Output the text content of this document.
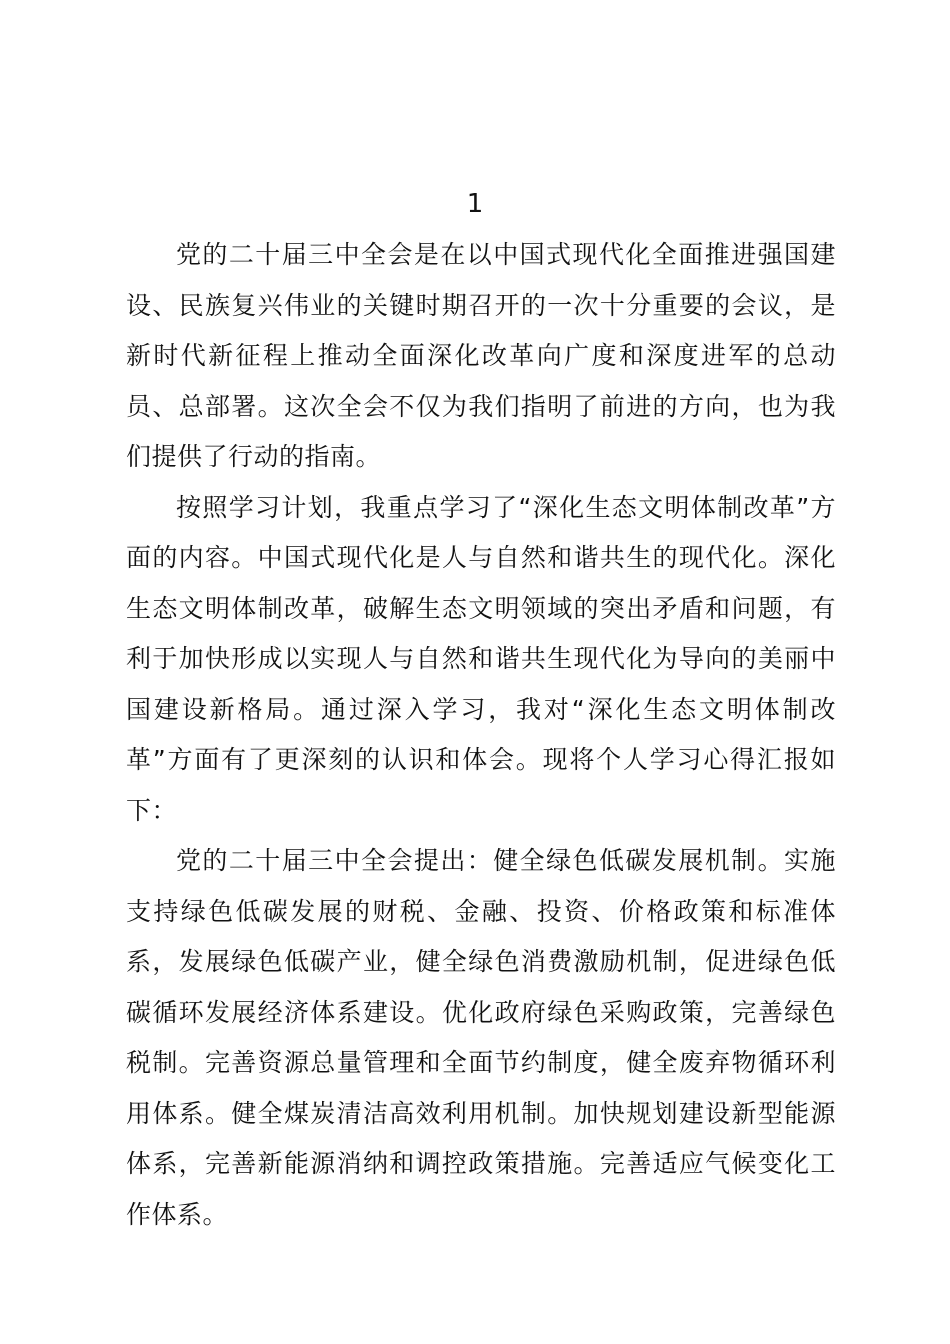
1

党的二十届三中全会是在以中国式现代化全面推进强国建设、民族复兴伟业的关键时期召开的一次十分重要的会议，是新时代新征程上推动全面深化改革向广度和深度进军的总动员、总部署。这次全会不仅为我们指明了前进的方向，也为我们提供了行动的指南。

按照学习计划，我重点学习了“深化生态文明体制改革”方面的内容。中国式现代化是人与自然和谐共生的现代化。深化生态文明体制改革，破解生态文明领域的突出矛盾和问题，有利于加快形成以实现人与自然和谐共生现代化为导向的美丽中国建设新格局。通过深入学习，我对“深化生态文明体制改革”方面有了更深刻的认识和体会。现将个人学习心得汇报如下：

党的二十届三中全会提出：健全绿色低碳发展机制。实施支持绿色低碳发展的财税、金融、投资、价格政策和标准体系，发展绿色低碳产业，健全绿色消费激励机制，促进绿色低碳循环发展经济体系建设。优化政府绿色采购政策，完善绿色税制。完善资源总量管理和全面节约制度，健全废弃物循环利用体系。健全煤炭清洁高效利用机制。加快规划建设新型能源体系，完善新能源消纳和调控政策措施。完善适应气候变化工作体系。
